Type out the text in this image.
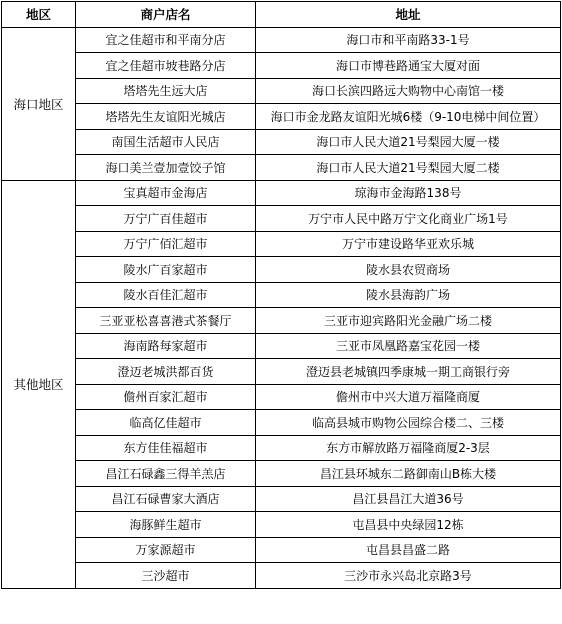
地区	商户店名	地址
海口地区	宜之佳超市和平南分店	海口市和平南路33-1号
	宜之佳超市坡巷路分店	海口市博巷路通宝大厦对面
	塔塔先生远大店	海口长滨四路远大购物中心南馆一楼
	塔塔先生友谊阳光城店	海口市金龙路友谊阳光城6楼（9-10电梯中间位置）
	南国生活超市人民店	海口市人民大道21号梨园大厦一楼
	海口美兰壹加壹饺子馆	海口市人民大道21号梨园大厦二楼
其他地区	宝真超市金海店	琼海市金海路138号
	万宁广百佳超市	万宁市人民中路万宁文化商业广场1号
	万宁广佰汇超市	万宁市建设路华亚欢乐城
	陵水广百家超市	陵水县农贸商场
	陵水百佳汇超市	陵水县海韵广场
	三亚亚松喜喜港式茶餐厅	三亚市迎宾路阳光金融广场二楼
	海南路每家超市	三亚市凤凰路嘉宝花园一楼
	澄迈老城洪都百货	澄迈县老城镇四季康城一期工商银行旁
	儋州百家汇超市	儋州市中兴大道万福隆商厦
	临高亿佳超市	临高县城市购物公园综合楼二、三楼
	东方佳佳福超市	东方市解放路万福隆商厦2-3层
	昌江石碌鑫三得羊羔店	昌江县环城东二路御南山B栋大楼
	昌江石碌曹家大酒店	昌江县昌江大道36号
	海豚鲜生超市	屯昌县中央绿园12栋
	万家源超市	屯昌县昌盛二路
	三沙超市	三沙市永兴岛北京路3号
